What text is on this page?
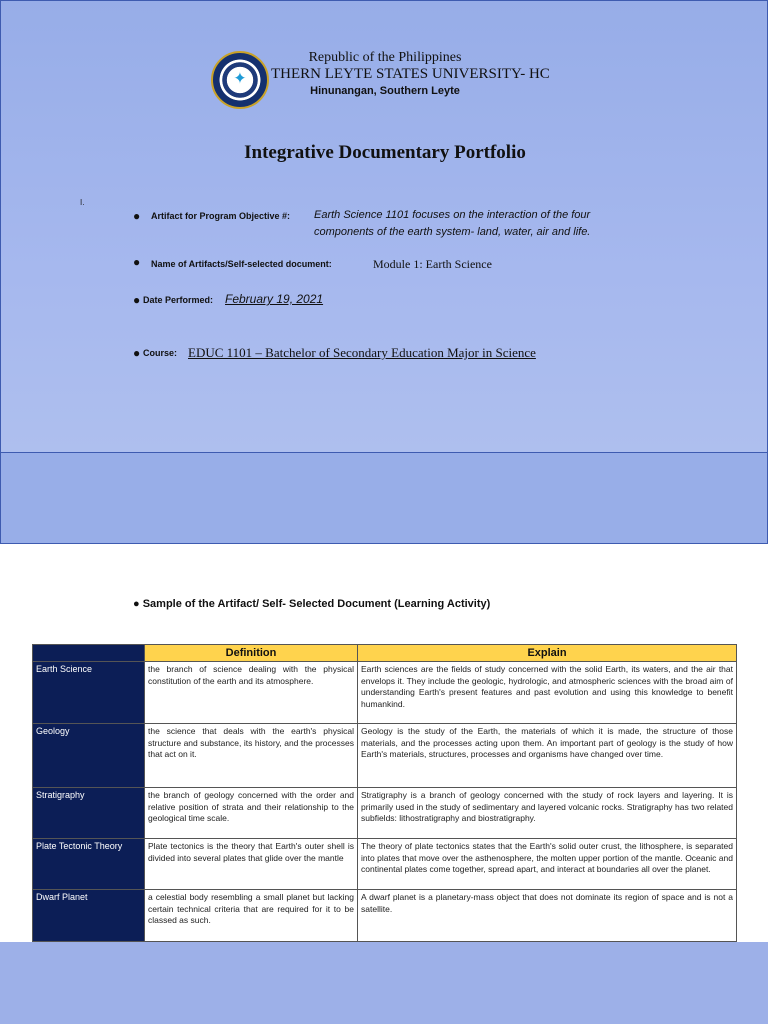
✦
Republic of the Philippines
THERN LEYTE STATES UNIVERSITY- HC
Hinunangan, Southern Leyte
Integrative Documentary Portfolio
I.
● Artifact for Program Objective #: Earth Science 1101 focuses on the interaction of the four
components of the earth system- land, water, air and life.
● Name of Artifacts/Self-selected document:	Module 1: Earth Science
● Date Performed: February 19, 2021
● Course: EDUC 1101 – Batchelor of Secondary Education Major in Science
● Sample of the Artifact/ Self- Selected Document (Learning Activity)
	Definition	Explain
Earth Science	the branch of science dealing with the physical constitution of the earth and its atmosphere.	Earth sciences are the fields of study concerned with the solid Earth, its waters, and the air that envelops it. They include the geologic, hydrologic, and atmospheric sciences with the broad aim of understanding Earth's present features and past evolution and using this knowledge to benefit humankind.
Geology	the science that deals with the earth's physical structure and substance, its history, and the processes that act on it.	Geology is the study of the Earth, the materials of which it is made, the structure of those materials, and the processes acting upon them. An important part of geology is the study of how Earth's materials, structures, processes and organisms have changed over time.
Stratigraphy	the branch of geology concerned with the order and relative position of strata and their relationship to the geological time scale.	Stratigraphy is a branch of geology concerned with the study of rock layers and layering. It is primarily used in the study of sedimentary and layered volcanic rocks. Stratigraphy has two related subfields: lithostratigraphy and biostratigraphy.
Plate Tectonic Theory	Plate tectonics is the theory that Earth's outer shell is divided into several plates that glide over the mantle	The theory of plate tectonics states that the Earth's solid outer crust, the lithosphere, is separated into plates that move over the asthenosphere, the molten upper portion of the mantle. Oceanic and continental plates come together, spread apart, and interact at boundaries all over the planet.
Dwarf Planet	a celestial body resembling a small planet but lacking certain technical criteria that are required for it to be classed as such.	A dwarf planet is a planetary-mass object that does not dominate its region of space and is not a satellite.
